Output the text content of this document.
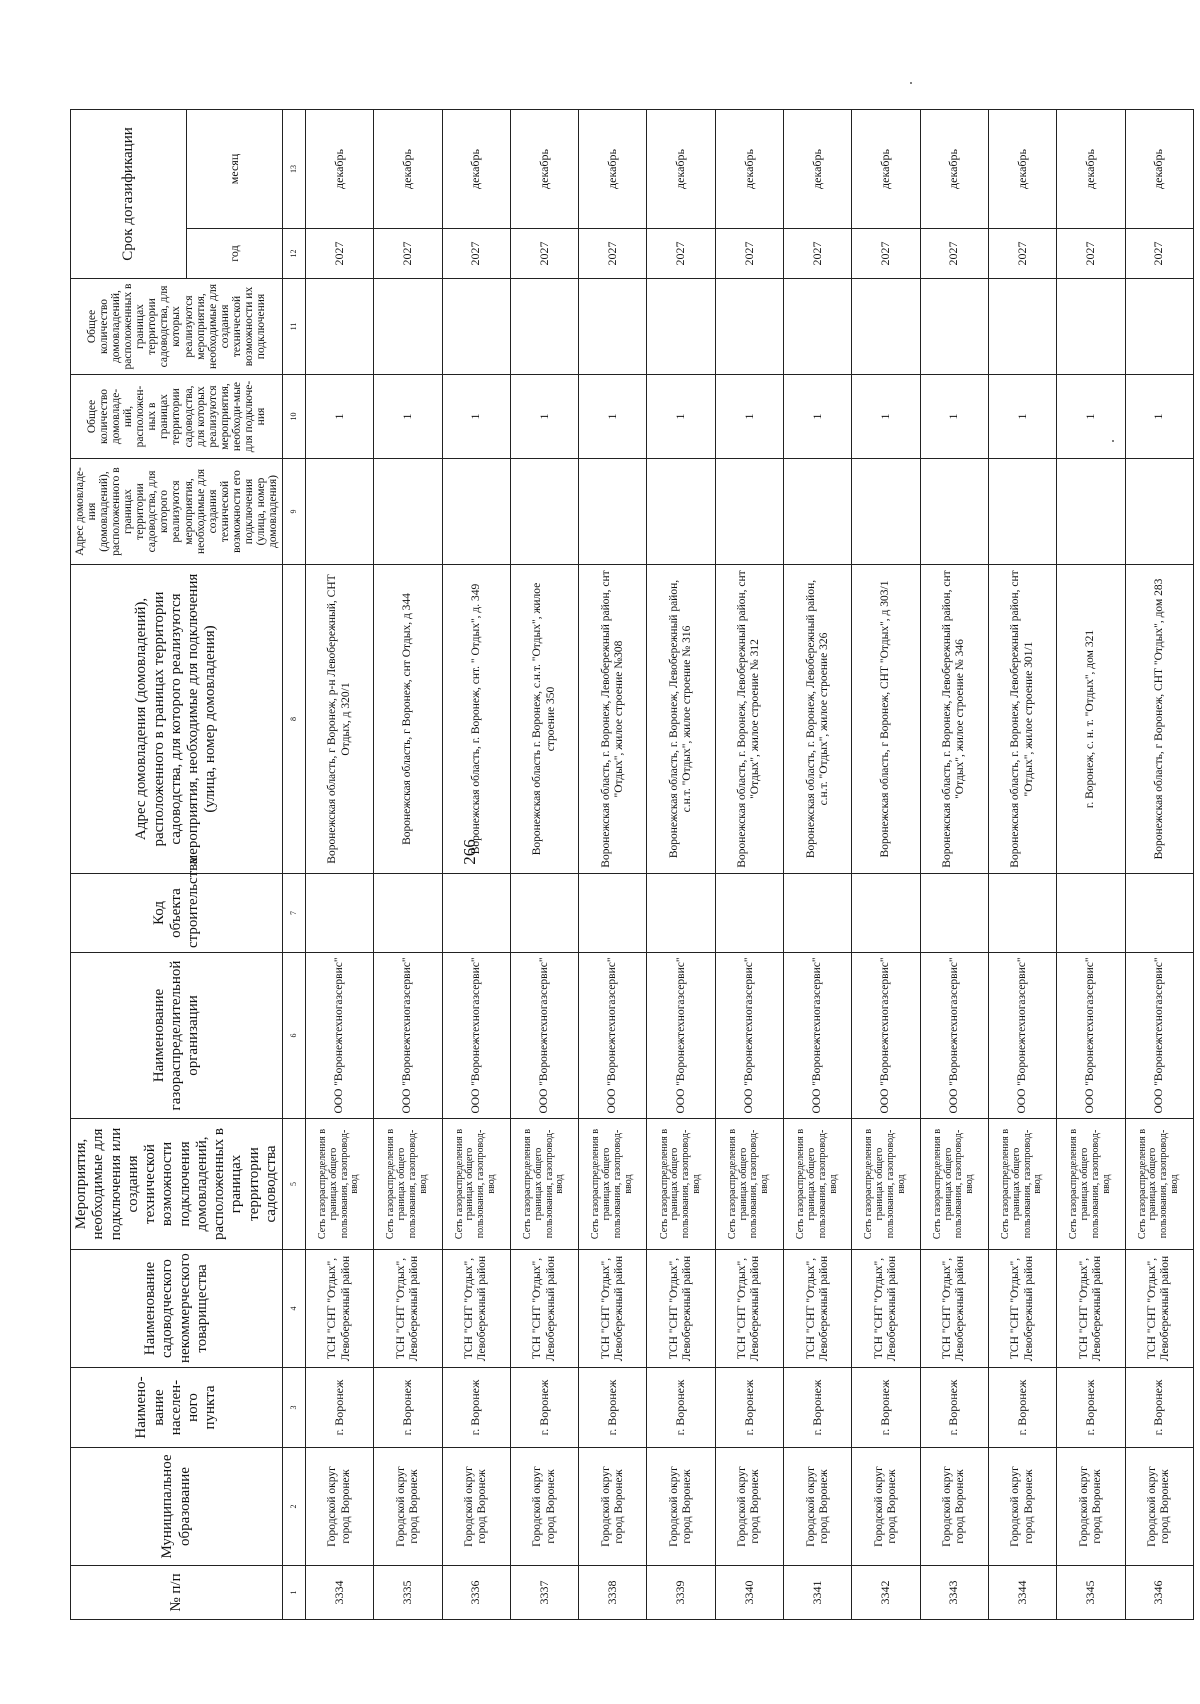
266
№ п/п	Муниципальное образование	Наимено-вание населен-ного пункта	Наименование садоводческого некоммерческого товарищества	Мероприятия, необходимые для подключения или создания технической возможности подключения домовладений, расположенных в границах территории садоводства	Наименование газораспределительной организации	Код объекта строительства	Адрес домовладения (домовладений), расположенного в границах территории садоводства, для которого реализуются мероприятия, необходимые для подключения (улица, номер домовладения)	Адрес домовладе-ния (домовладений), расположенного в границах территории садоводства, для которого реализуются мероприятия, необходимые для создания технической возможности его подключения (улица, номер домовладения)	Общее количество домовладе-ний, расположен-ных в границах территории садоводства, для которых реализуются мероприятия, необходи-мые для подключе-ния	Общее количество домовладений, расположенных в границах территории садоводства, для которых реализуются мероприятия, необходимые для создания технической возможности их подключения	Срок догазификации	
											год	месяц
1	2	3	4	5	6	7	8	9	10	11	12	13
3334	Городской округ город Воронеж	г. Воронеж	ТСН "СНТ "Отдых", Левобережный район	Сеть газораспределения в границах общего пользования, газопровод-ввод	ООО "Воронежтехногазсервис"		Воронежская область, г Воронеж, р-н Левобережный, СНТ Отдых, д 320/1		1		2027	декабрь
3335	Городской округ город Воронеж	г. Воронеж	ТСН "СНТ "Отдых", Левобережный район	Сеть газораспределения в границах общего пользования, газопровод-ввод	ООО "Воронежтехногазсервис"		Воронежская область, г Воронеж, снт Отдых, д 344		1		2027	декабрь
3336	Городской округ город Воронеж	г. Воронеж	ТСН "СНТ "Отдых", Левобережный район	Сеть газораспределения в границах общего пользования, газопровод-ввод	ООО "Воронежтехногазсервис"		Воронежская область, г. Воронеж, снт. " Отдых", д. 349		1		2027	декабрь
3337	Городской округ город Воронеж	г. Воронеж	ТСН "СНТ "Отдых", Левобережный район	Сеть газораспределения в границах общего пользования, газопровод-ввод	ООО "Воронежтехногазсервис"		Воронежская область г. Воронеж, с.н.т. "Отдых", жилое строение 350		1		2027	декабрь
3338	Городской округ город Воронеж	г. Воронеж	ТСН "СНТ "Отдых", Левобережный район	Сеть газораспределения в границах общего пользования, газопровод-ввод	ООО "Воронежтехногазсервис"		Воронежская область, г. Воронеж, Левобережный район, снт "Отдых", жилое строение №308		1		2027	декабрь
3339	Городской округ город Воронеж	г. Воронеж	ТСН "СНТ "Отдых", Левобережный район	Сеть газораспределения в границах общего пользования, газопровод-ввод	ООО "Воронежтехногазсервис"		Воронежская область, г. Воронеж, Левобережный район, с.н.т. "Отдых", жилое строение № 316		1		2027	декабрь
3340	Городской округ город Воронеж	г. Воронеж	ТСН "СНТ "Отдых", Левобережный район	Сеть газораспределения в границах общего пользования, газопровод-ввод	ООО "Воронежтехногазсервис"		Воронежская область, г. Воронеж, Левобережный район, снт "Отдых", жилое строение № 312		1		2027	декабрь
3341	Городской округ город Воронеж	г. Воронеж	ТСН "СНТ "Отдых", Левобережный район	Сеть газораспределения в границах общего пользования, газопровод-ввод	ООО "Воронежтехногазсервис"		Воронежская область, г. Воронеж, Левобережный район, с.н.т. "Отдых", жилое строение 326		1		2027	декабрь
3342	Городской округ город Воронеж	г. Воронеж	ТСН "СНТ "Отдых", Левобережный район	Сеть газораспределения в границах общего пользования, газопровод-ввод	ООО "Воронежтехногазсервис"		Воронежская область, г Воронеж, СНТ "Отдых", д 303/1		1		2027	декабрь
3343	Городской округ город Воронеж	г. Воронеж	ТСН "СНТ "Отдых", Левобережный район	Сеть газораспределения в границах общего пользования, газопровод-ввод	ООО "Воронежтехногазсервис"		Воронежская область, г. Воронеж, Левобережный район, снт "Отдых", жилое строение № 346		1		2027	декабрь
3344	Городской округ город Воронеж	г. Воронеж	ТСН "СНТ "Отдых", Левобережный район	Сеть газораспределения в границах общего пользования, газопровод-ввод	ООО "Воронежтехногазсервис"		Воронежская область, г. Воронеж, Левобережный район, снт "Отдых", жилое строение 301/1		1		2027	декабрь
3345	Городской округ город Воронеж	г. Воронеж	ТСН "СНТ "Отдых", Левобережный район	Сеть газораспределения в границах общего пользования, газопровод-ввод	ООО "Воронежтехногазсервис"		г. Воронеж, с. н. т. "Отдых", дом 321		1		2027	декабрь
3346	Городской округ город Воронеж	г. Воронеж	ТСН "СНТ "Отдых", Левобережный район	Сеть газораспределения в границах общего пользования, газопровод-ввод	ООО "Воронежтехногазсервис"		Воронежская область, г Воронеж, СНТ "Отдых", дом 283		1		2027	декабрь
